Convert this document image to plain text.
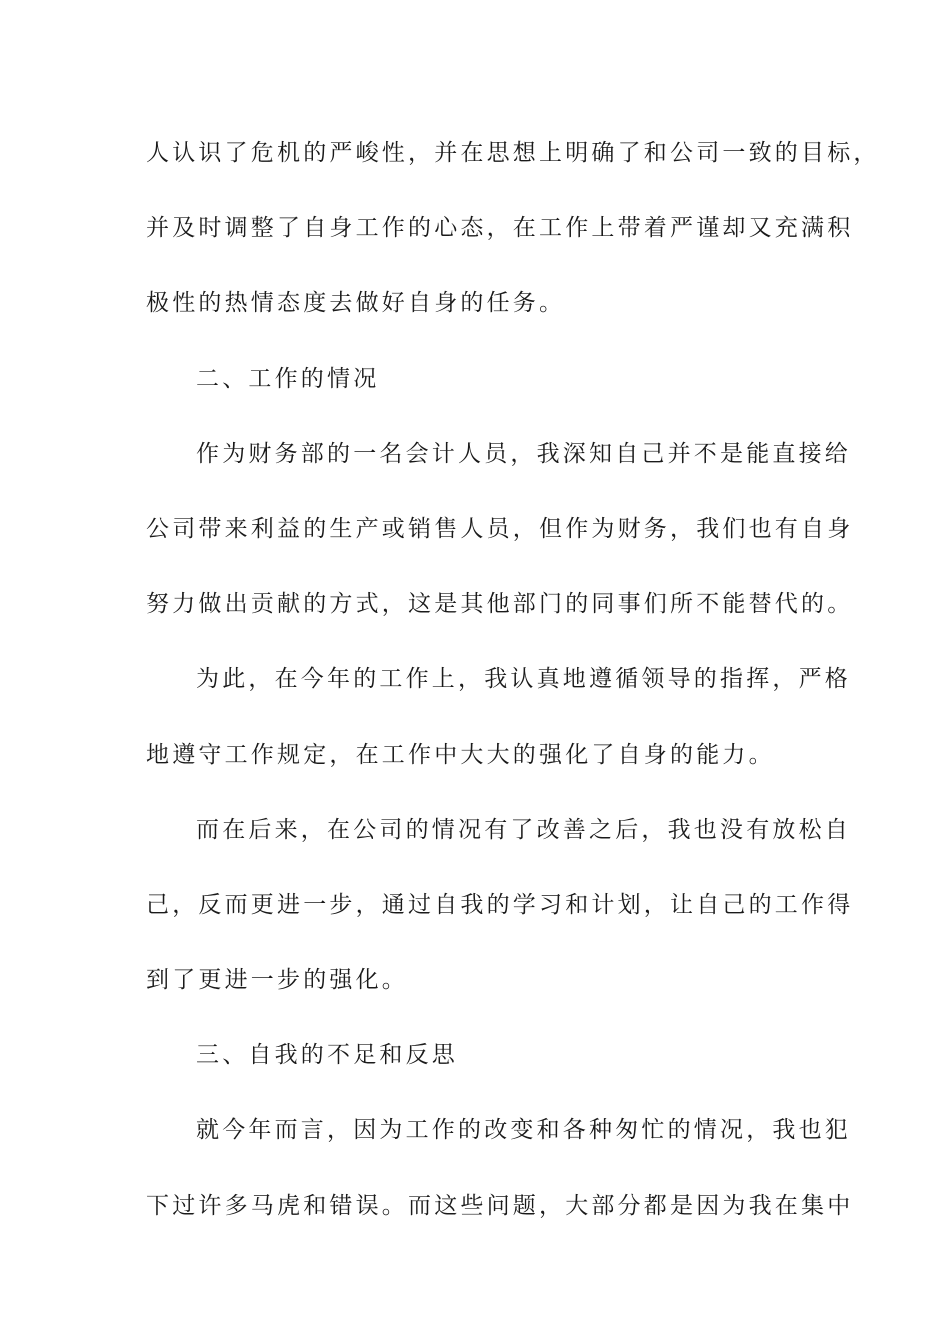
人认识了危机的严峻性，并在思想上明确了和公司一致的目标，
并及时调整了自身工作的心态，在工作上带着严谨却又充满积
极性的热情态度去做好自身的任务。
二、工作的情况
作为财务部的一名会计人员，我深知自己并不是能直接给
公司带来利益的生产或销售人员，但作为财务，我们也有自身
努力做出贡献的方式，这是其他部门的同事们所不能替代的。
为此，在今年的工作上，我认真地遵循领导的指挥，严格
地遵守工作规定，在工作中大大的强化了自身的能力。
而在后来，在公司的情况有了改善之后，我也没有放松自
己，反而更进一步，通过自我的学习和计划，让自己的工作得
到了更进一步的强化。
三、自我的不足和反思
就今年而言，因为工作的改变和各种匆忙的情况，我也犯
下过许多马虎和错误。而这些问题，大部分都是因为我在集中
